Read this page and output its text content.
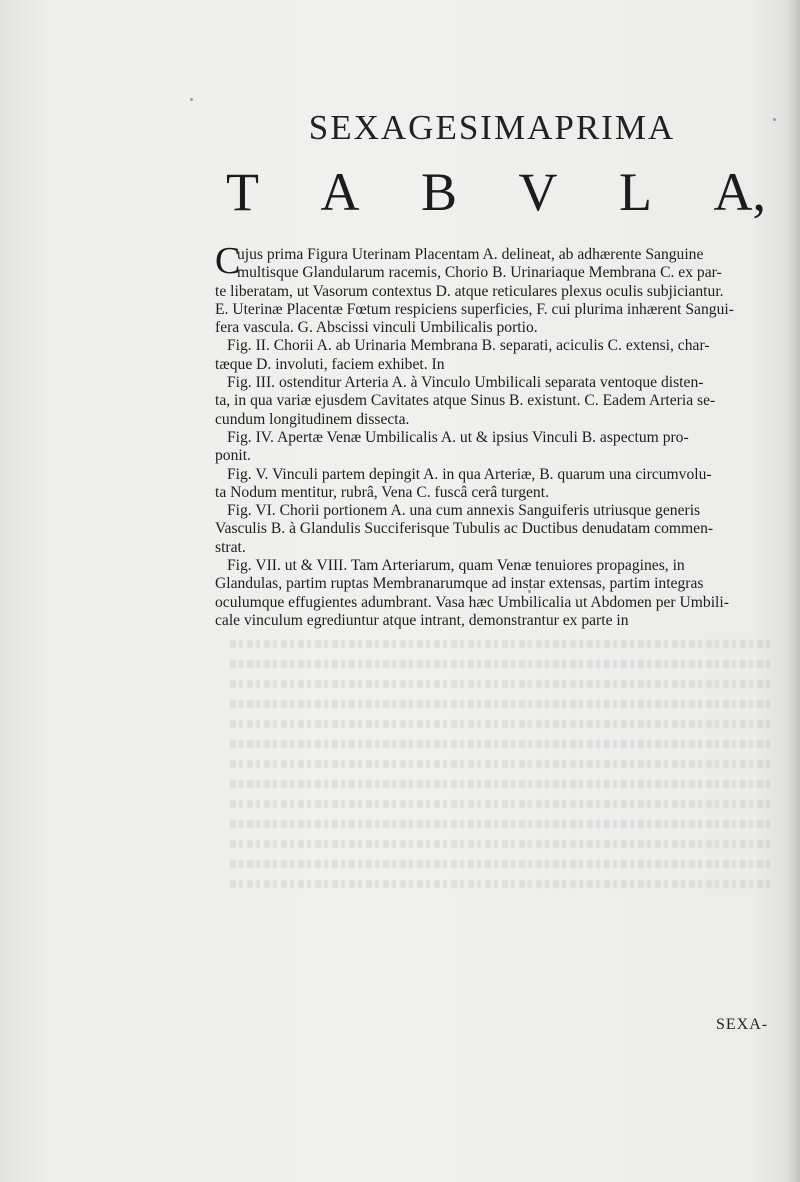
SEXAGESIMAPRIMA
T A B V L A,
C
ujus prima Figura Uterinam Placentam A. delineat, ab adhærente Sanguine
multisque Glandularum racemis, Chorio B. Urinariaque Membrana C. ex par-
te liberatam, ut Vasorum contextus D. atque reticulares plexus oculis subjiciantur.
E. Uterinæ Placentæ Fœtum respiciens superficies, F. cui plurima inhærent Sangui-
fera vascula. G. Abscissi vinculi Umbilicalis portio.
Fig. II. Chorii A. ab Urinaria Membrana B. separati, aciculis C. extensi, char-
tæque D. involuti, faciem exhibet. In
Fig. III. ostenditur Arteria A. à Vinculo Umbilicali separata ventoque disten-
ta, in qua variæ ejusdem Cavitates atque Sinus B. existunt. C. Eadem Arteria se-
cundum longitudinem dissecta.
Fig. IV. Apertæ Venæ Umbilicalis A. ut & ipsius Vinculi B. aspectum pro-
ponit.
Fig. V. Vinculi partem depingit A. in qua Arteriæ, B. quarum una circumvolu-
ta Nodum mentitur, rubrâ, Vena C. fuscâ cerâ turgent.
Fig. VI. Chorii portionem A. una cum annexis Sanguiferis utriusque generis
Vasculis B. à Glandulis Succiferisque Tubulis ac Ductibus denudatam commen-
strat.
Fig. VII. ut & VIII. Tam Arteriarum, quam Venæ tenuiores propagines, in
Glandulas, partim ruptas Membranarumque ad instar extensas, partim integras
oculumque effugientes adumbrant. Vasa hæc Umbilicalia ut Abdomen per Umbili-
cale vinculum egrediuntur atque intrant, demonstrantur ex parte in
SEXA-
